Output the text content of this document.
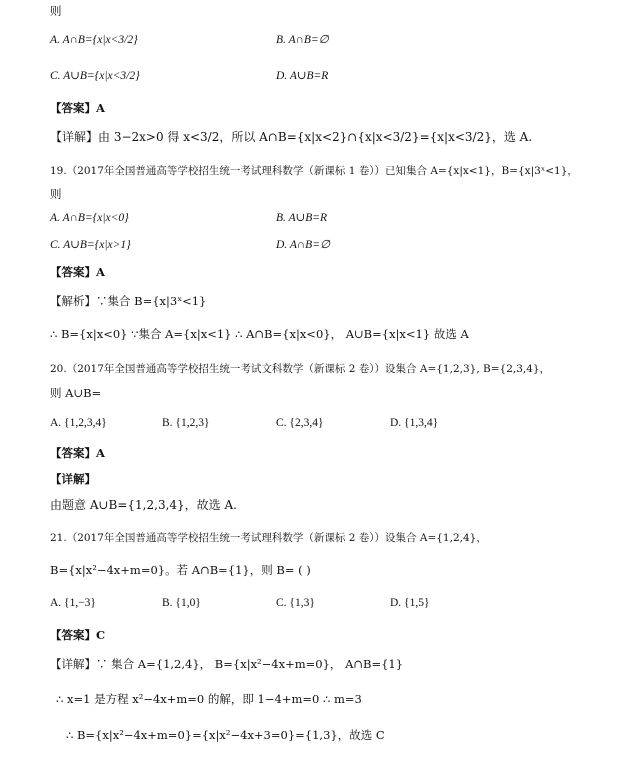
则
A. A∩B={x|x<3/2}	B. A∩B=∅
C. A∪B={x|x<3/2}	D. A∪B=R
【答案】A
【详解】由 3−2x>0 得 x<3/2，所以 A∩B={x|x<2}∩{x|x<3/2}={x|x<3/2}，选 A.
19.（2017年全国普通高等学校招生统一考试理科数学（新课标 1 卷））已知集合 A={x|x<1}，B={x|3ˣ<1}，
则
A. A∩B={x|x<0}	B. A∪B=R
C. A∪B={x|x>1}	D. A∩B=∅
【答案】A
【解析】∵集合 B={x|3ˣ<1}
∴ B={x|x<0} ∵集合 A={x|x<1} ∴ A∩B={x|x<0}， A∪B={x|x<1} 故选 A
20.（2017年全国普通高等学校招生统一考试文科数学（新课标 2 卷））设集合 A={1,2,3}, B={2,3,4}，
则 A∪B=
A. {1,2,3,4}	B. {1,2,3}	C. {2,3,4}	D. {1,3,4}
【答案】A
【详解】
由题意 A∪B={1,2,3,4}，故选 A.
21.（2017年全国普通高等学校招生统一考试理科数学（新课标 2 卷））设集合 A={1,2,4}，
B={x|x²−4x+m=0}。若 A∩B={1}，则 B= ( )
A. {1,−3}	B. {1,0}	C. {1,3}	D. {1,5}
【答案】C
【详解】∵ 集合 A={1,2,4}， B={x|x²−4x+m=0}， A∩B={1}
∴ x=1 是方程 x²−4x+m=0 的解，即 1−4+m=0 ∴ m=3
∴ B={x|x²−4x+m=0}={x|x²−4x+3=0}={1,3}，故选 C
